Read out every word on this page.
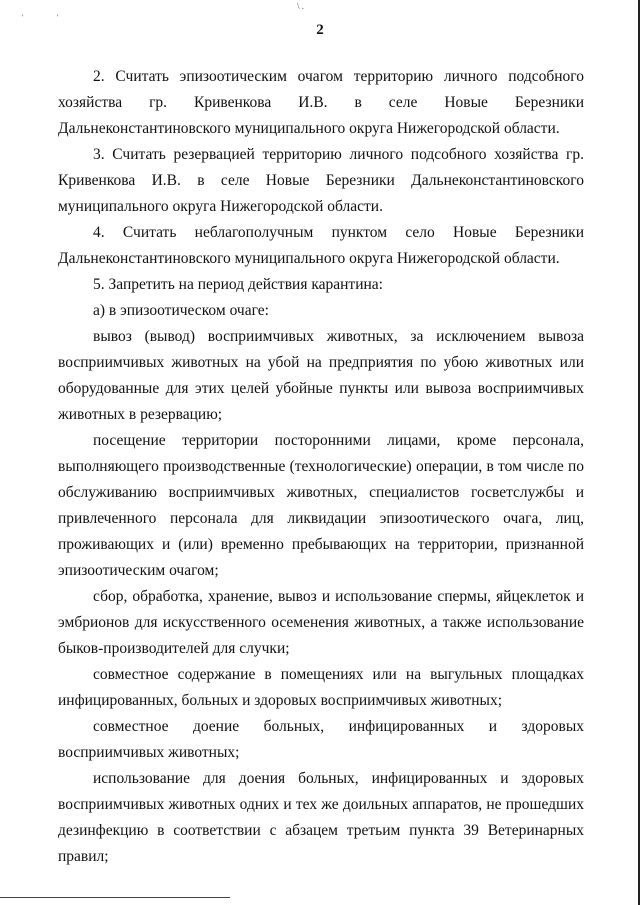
'	'
\ .
2

2. Считать эпизоотическим очагом территорию личного подсобного хозяйства гр. Кривенкова И.В. в селе Новые Березники Дальнеконстантиновского муниципального округа Нижегородской области.

3. Считать резервацией территорию личного подсобного хозяйства гр. Кривенкова И.В. в селе Новые Березники Дальнеконстантиновского муниципального округа Нижегородской области.

4. Считать неблагополучным пунктом село Новые Березники Дальнеконстантиновского муниципального округа Нижегородской области.

5. Запретить на период действия карантина:

а) в эпизоотическом очаге:

вывоз (вывод) восприимчивых животных, за исключением вывоза восприимчивых животных на убой на предприятия по убою животных или оборудованные для этих целей убойные пункты или вывоза восприимчивых животных в резервацию;

посещение территории посторонними лицами, кроме персонала, выполняющего производственные (технологические) операции, в том числе по обслуживанию восприимчивых животных, специалистов госветслужбы и привлеченного персонала для ликвидации эпизоотического очага, лиц, проживающих и (или) временно пребывающих на территории, признанной эпизоотическим очагом;

сбор, обработка, хранение, вывоз и использование спермы, яйцеклеток и эмбрионов для искусственного осеменения животных, а также использование быков-производителей для случки;

совместное содержание в помещениях или на выгульных площадках инфицированных, больных и здоровых восприимчивых животных;

совместное доение больных, инфицированных и здоровых восприимчивых животных;

использование для доения больных, инфицированных и здоровых восприимчивых животных одних и тех же доильных аппаратов, не прошедших дезинфекцию в соответствии с абзацем третьим пункта 39 Ветеринарных правил;
